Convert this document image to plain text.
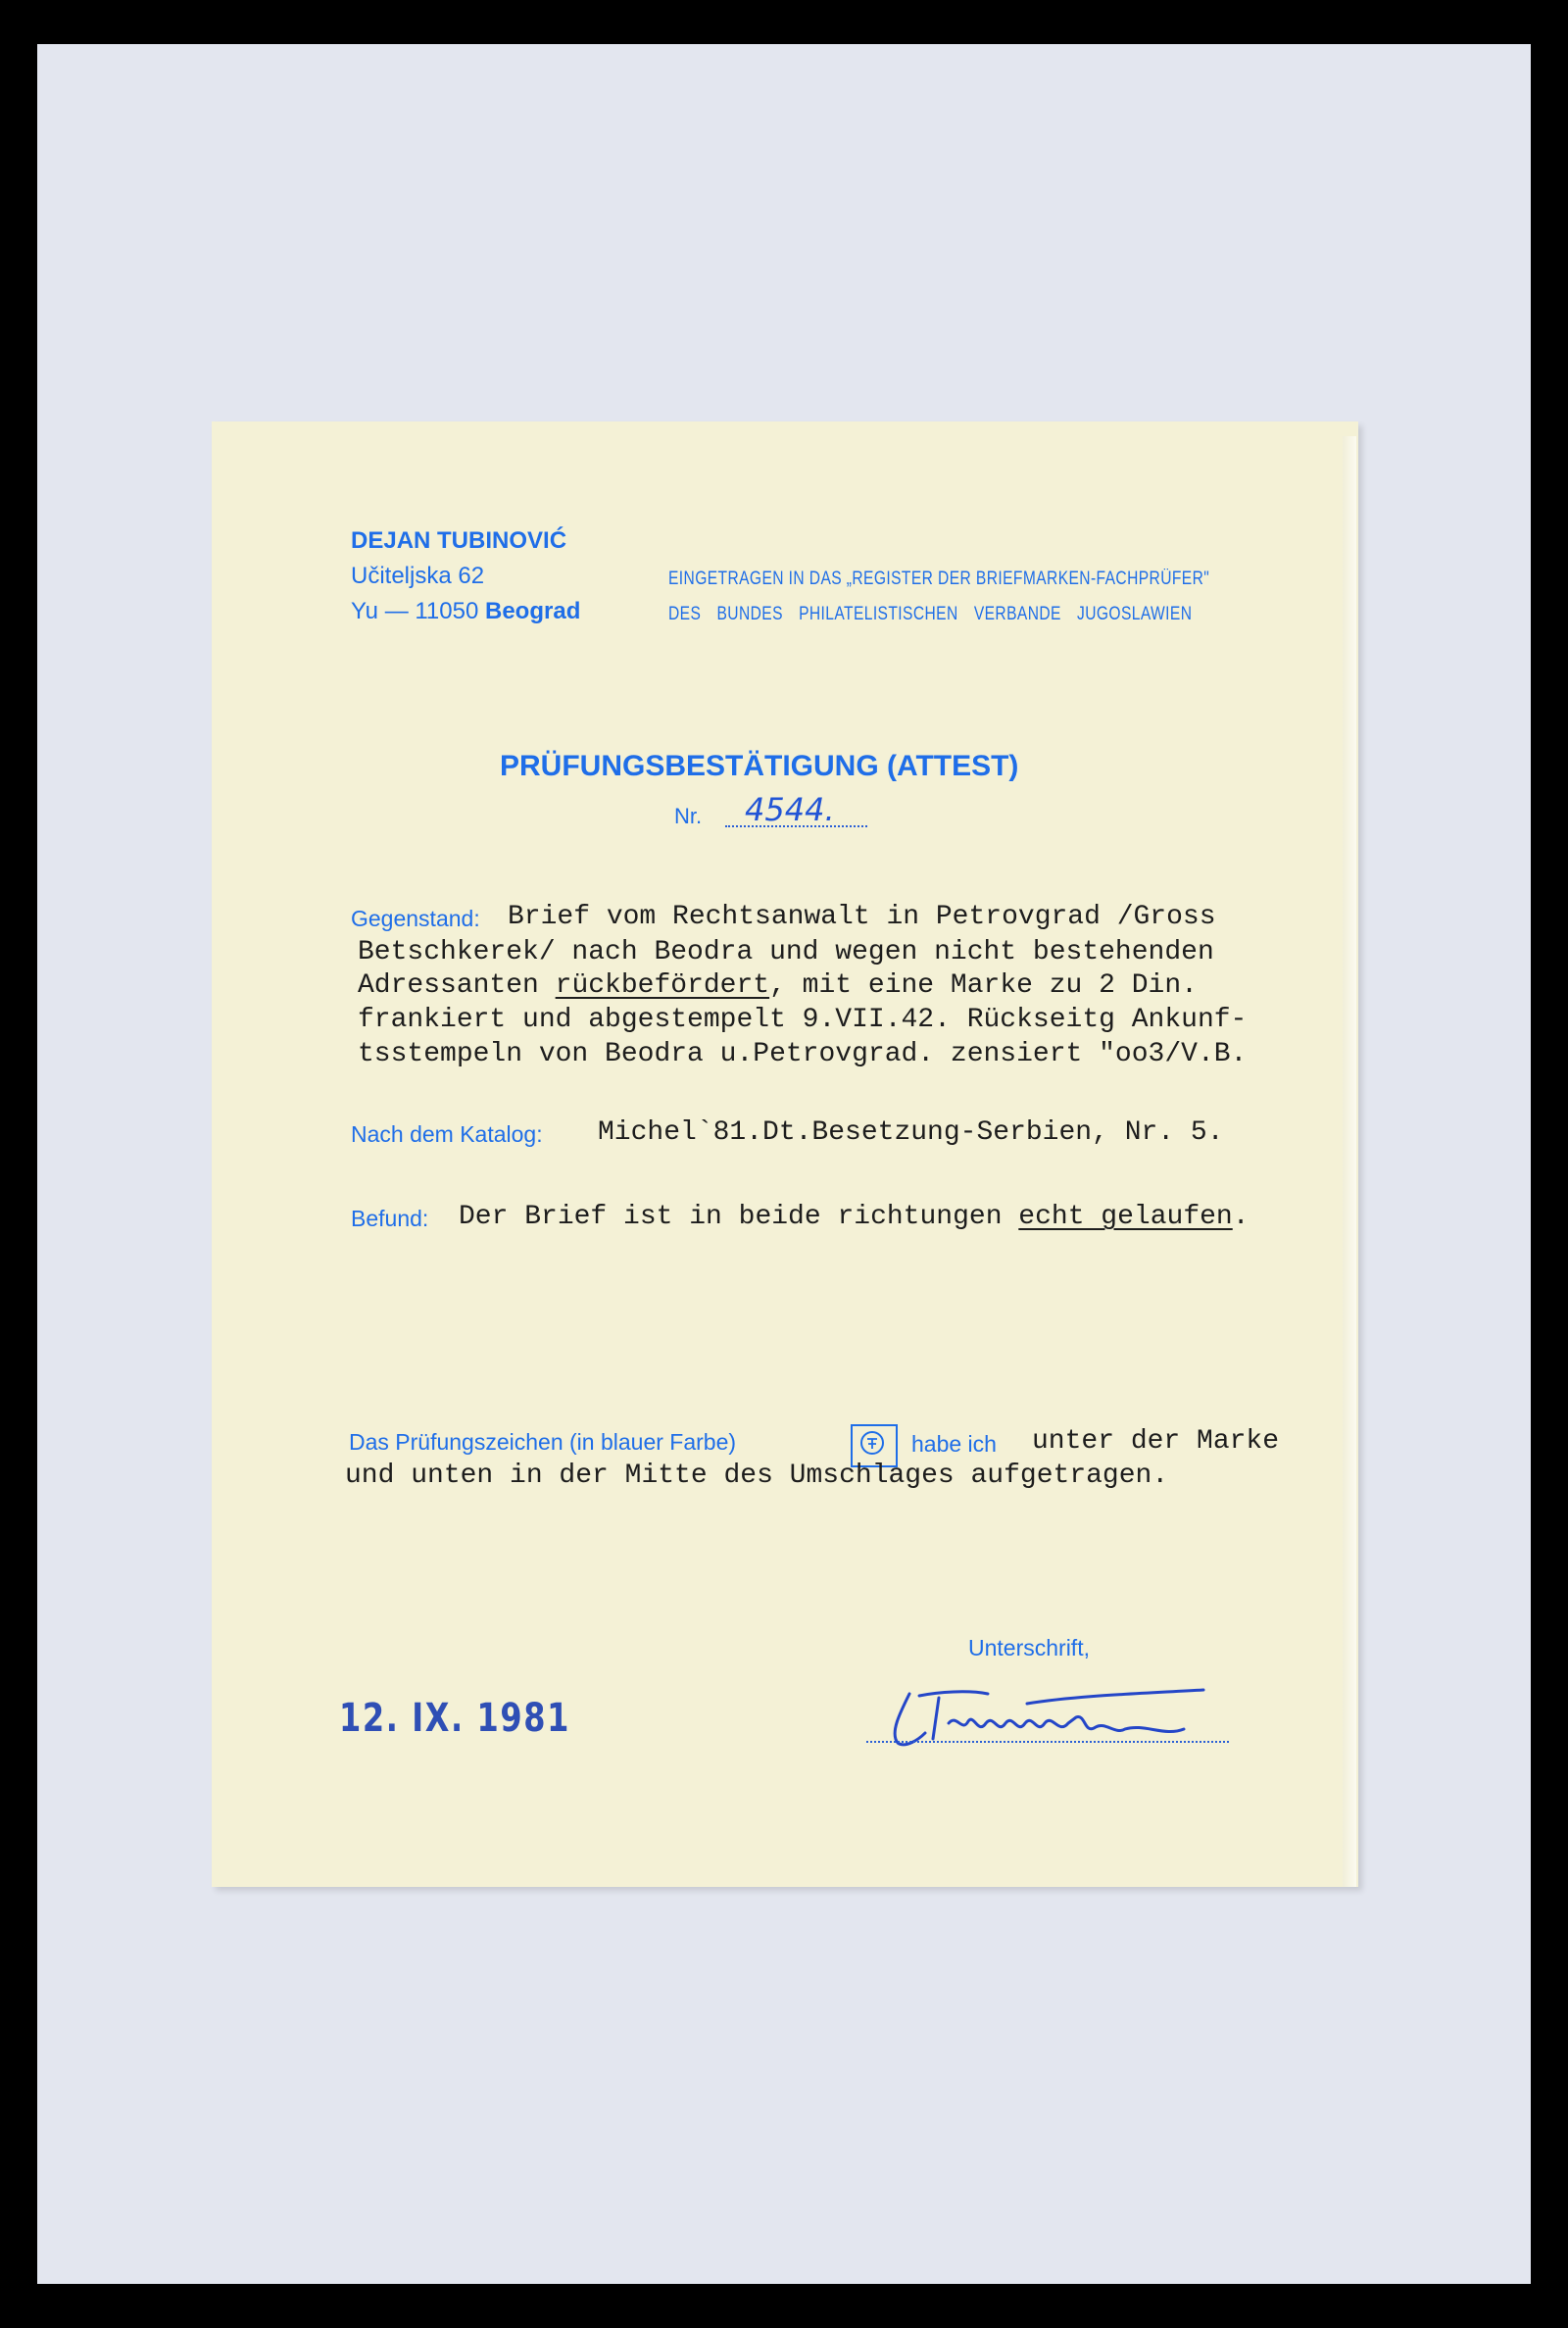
DEJAN TUBINOVIĆ
Učiteljska 62
Yu — 11050 Beograd
EINGETRAGEN IN DAS „REGISTER DER BRIEFMARKEN-FACHPRÜFER"
DES BUNDES PHILATELISTISCHEN VERBANDE JUGOSLAWIEN
PRÜFUNGSBESTÄTIGUNG (ATTEST)
Nr. 4544.
Gegenstand: Brief vom Rechtsanwalt in Petrovgrad /Gross
Betschkerek/ nach Beodra und wegen nicht bestehenden
Adressanten rückbefördert, mit eine Marke zu 2 Din.
frankiert und abgestempelt 9.VII.42. Rückseitg Ankunf-
tsstempeln von Beodra u.Petrovgrad. zensiert "oo3/V.B.
Nach dem Katalog: Michel`81.Dt.Besetzung-Serbien, Nr. 5.
Befund: Der Brief ist in beide richtungen echt gelaufen.
Das Prüfungszeichen (in blauer Farbe)	habe ich unter der Marke
und unten in der Mitte des Umschlages aufgetragen.
Unterschrift,
12. IX. 1981
